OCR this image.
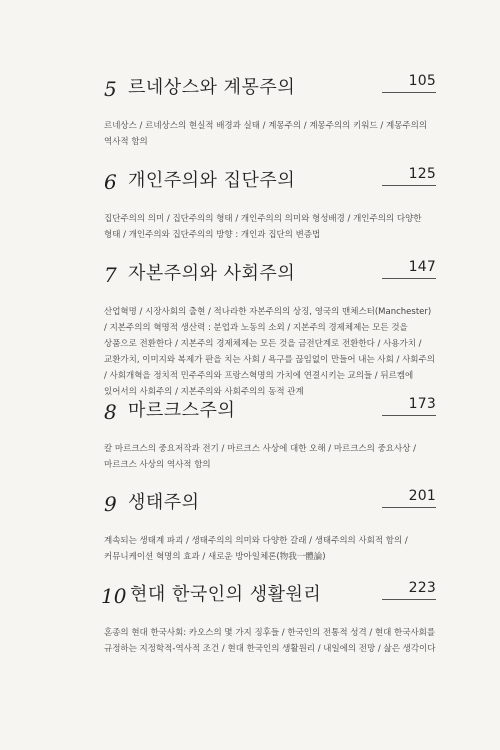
5 르네상스와 계몽주의	105
르네상스 / 르네상스의 현실적 배경과 실태 / 계몽주의 / 계몽주의의 키워드 / 계몽주의의 역사적 함의
6 개인주의와 집단주의	125
집단주의의 의미 / 집단주의의 형태 / 개인주의의 의미와 형성배경 / 개인주의의 다양한 형태 / 개인주의와 집단주의의 방향 : 개인과 집단의 변증법
7 자본주의와 사회주의	147
산업혁명 / 시장사회의 출현 / 적나라한 자본주의의 상징, 영국의 맨체스터(Manchester) / 지본주의의 혁명적 생산력 : 분업과 노동의 소외 / 지본주의 경제체제는 모든 것을 상품으로 전환한다 / 지본주의 경제체제는 모든 것을 금전단계로 전환한다 / 사용가치 / 교환가치, 이미지와 복제가 판을 치는 사회 / 욕구를 끊임없이 만들어 내는 사회 / 사회주의 / 사회개혁을 정치적 민주주의와 프랑스혁명의 가치에 연결시키는 교의들 / 뒤르켐에 있어서의 사회주의 / 지본주의와 사회주의의 동적 관계
8 마르크스주의	173
칼 마르크스의 중요저작과 전기 / 마르크스 사상에 대한 오해 / 마르크스의 중요사상 / 마르크스 사상의 역사적 함의
9 생태주의	201
계속되는 생태계 파괴 / 생태주의의 의미와 다양한 갈래 / 생태주의의 사회적 함의 / 커뮤니케이션 혁명의 효과 / 새로운 방아일체론(物我一體論)
10 현대 한국인의 생활원리	223
혼종의 현대 한국사회: 카오스의 몇 가지 징후들 / 한국인의 전통적 성격 / 현대 한국사회를 규정하는 지정학적-역사적 조건 / 현대 한국인의 생활원리 / 내일에의 전망 / 삶은 생각이다
